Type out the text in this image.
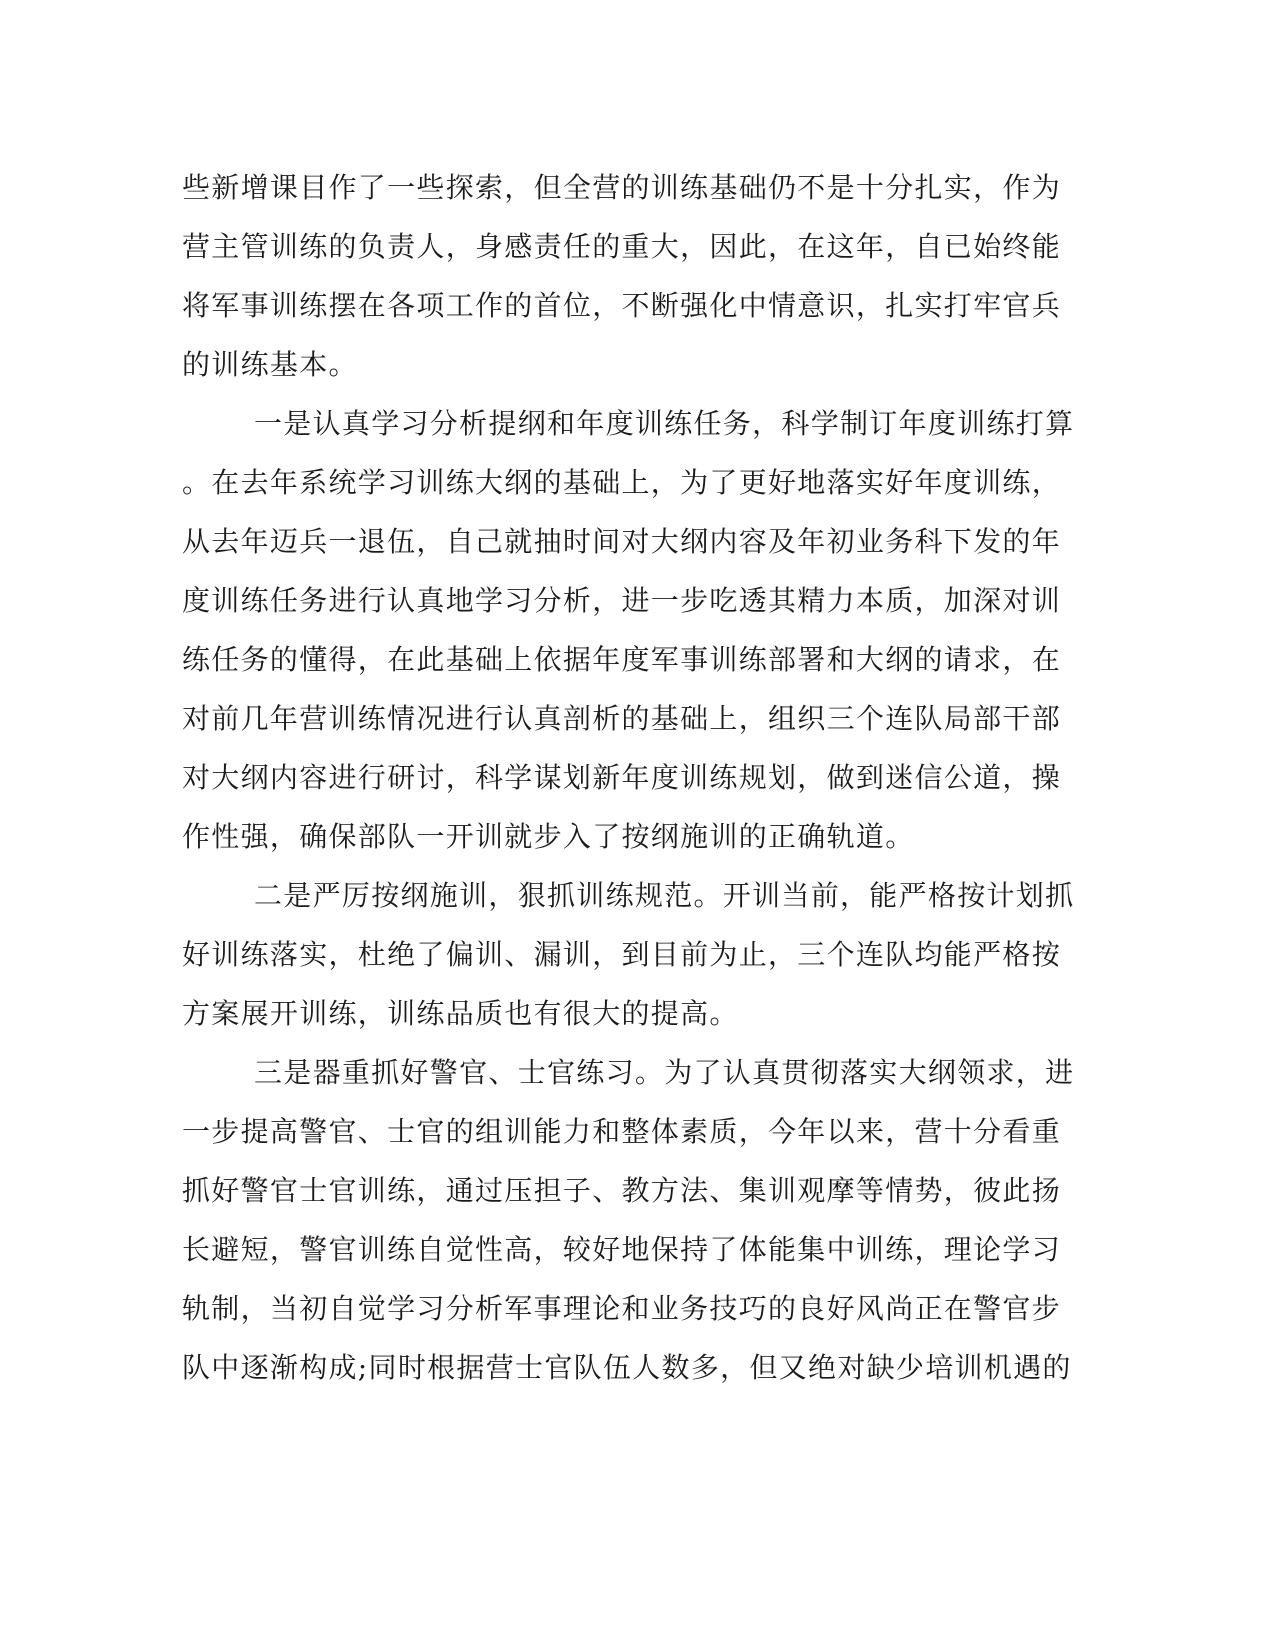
些新增课目作了一些探索，但全营的训练基础仍不是十分扎实，作为
营主管训练的负责人，身感责任的重大，因此，在这年，自已始终能
将军事训练摆在各项工作的首位，不断强化中情意识，扎实打牢官兵
的训练基本。
一是认真学习分析提纲和年度训练任务，科学制订年度训练打算
。在去年系统学习训练大纲的基础上，为了更好地落实好年度训练，
从去年迈兵一退伍，自己就抽时间对大纲内容及年初业务科下发的年
度训练任务进行认真地学习分析，进一步吃透其精力本质，加深对训
练任务的懂得，在此基础上依据年度军事训练部署和大纲的请求，在
对前几年营训练情况进行认真剖析的基础上，组织三个连队局部干部
对大纲内容进行研讨，科学谋划新年度训练规划，做到迷信公道，操
作性强，确保部队一开训就步入了按纲施训的正确轨道。
二是严厉按纲施训，狠抓训练规范。开训当前，能严格按计划抓
好训练落实，杜绝了偏训、漏训，到目前为止，三个连队均能严格按
方案展开训练，训练品质也有很大的提高。
三是器重抓好警官、士官练习。为了认真贯彻落实大纲领求，进
一步提高警官、士官的组训能力和整体素质，今年以来，营十分看重
抓好警官士官训练，通过压担子、教方法、集训观摩等情势，彼此扬
长避短，警官训练自觉性高，较好地保持了体能集中训练，理论学习
轨制，当初自觉学习分析军事理论和业务技巧的良好风尚正在警官步
队中逐渐构成;同时根据营士官队伍人数多，但又绝对缺少培训机遇的
